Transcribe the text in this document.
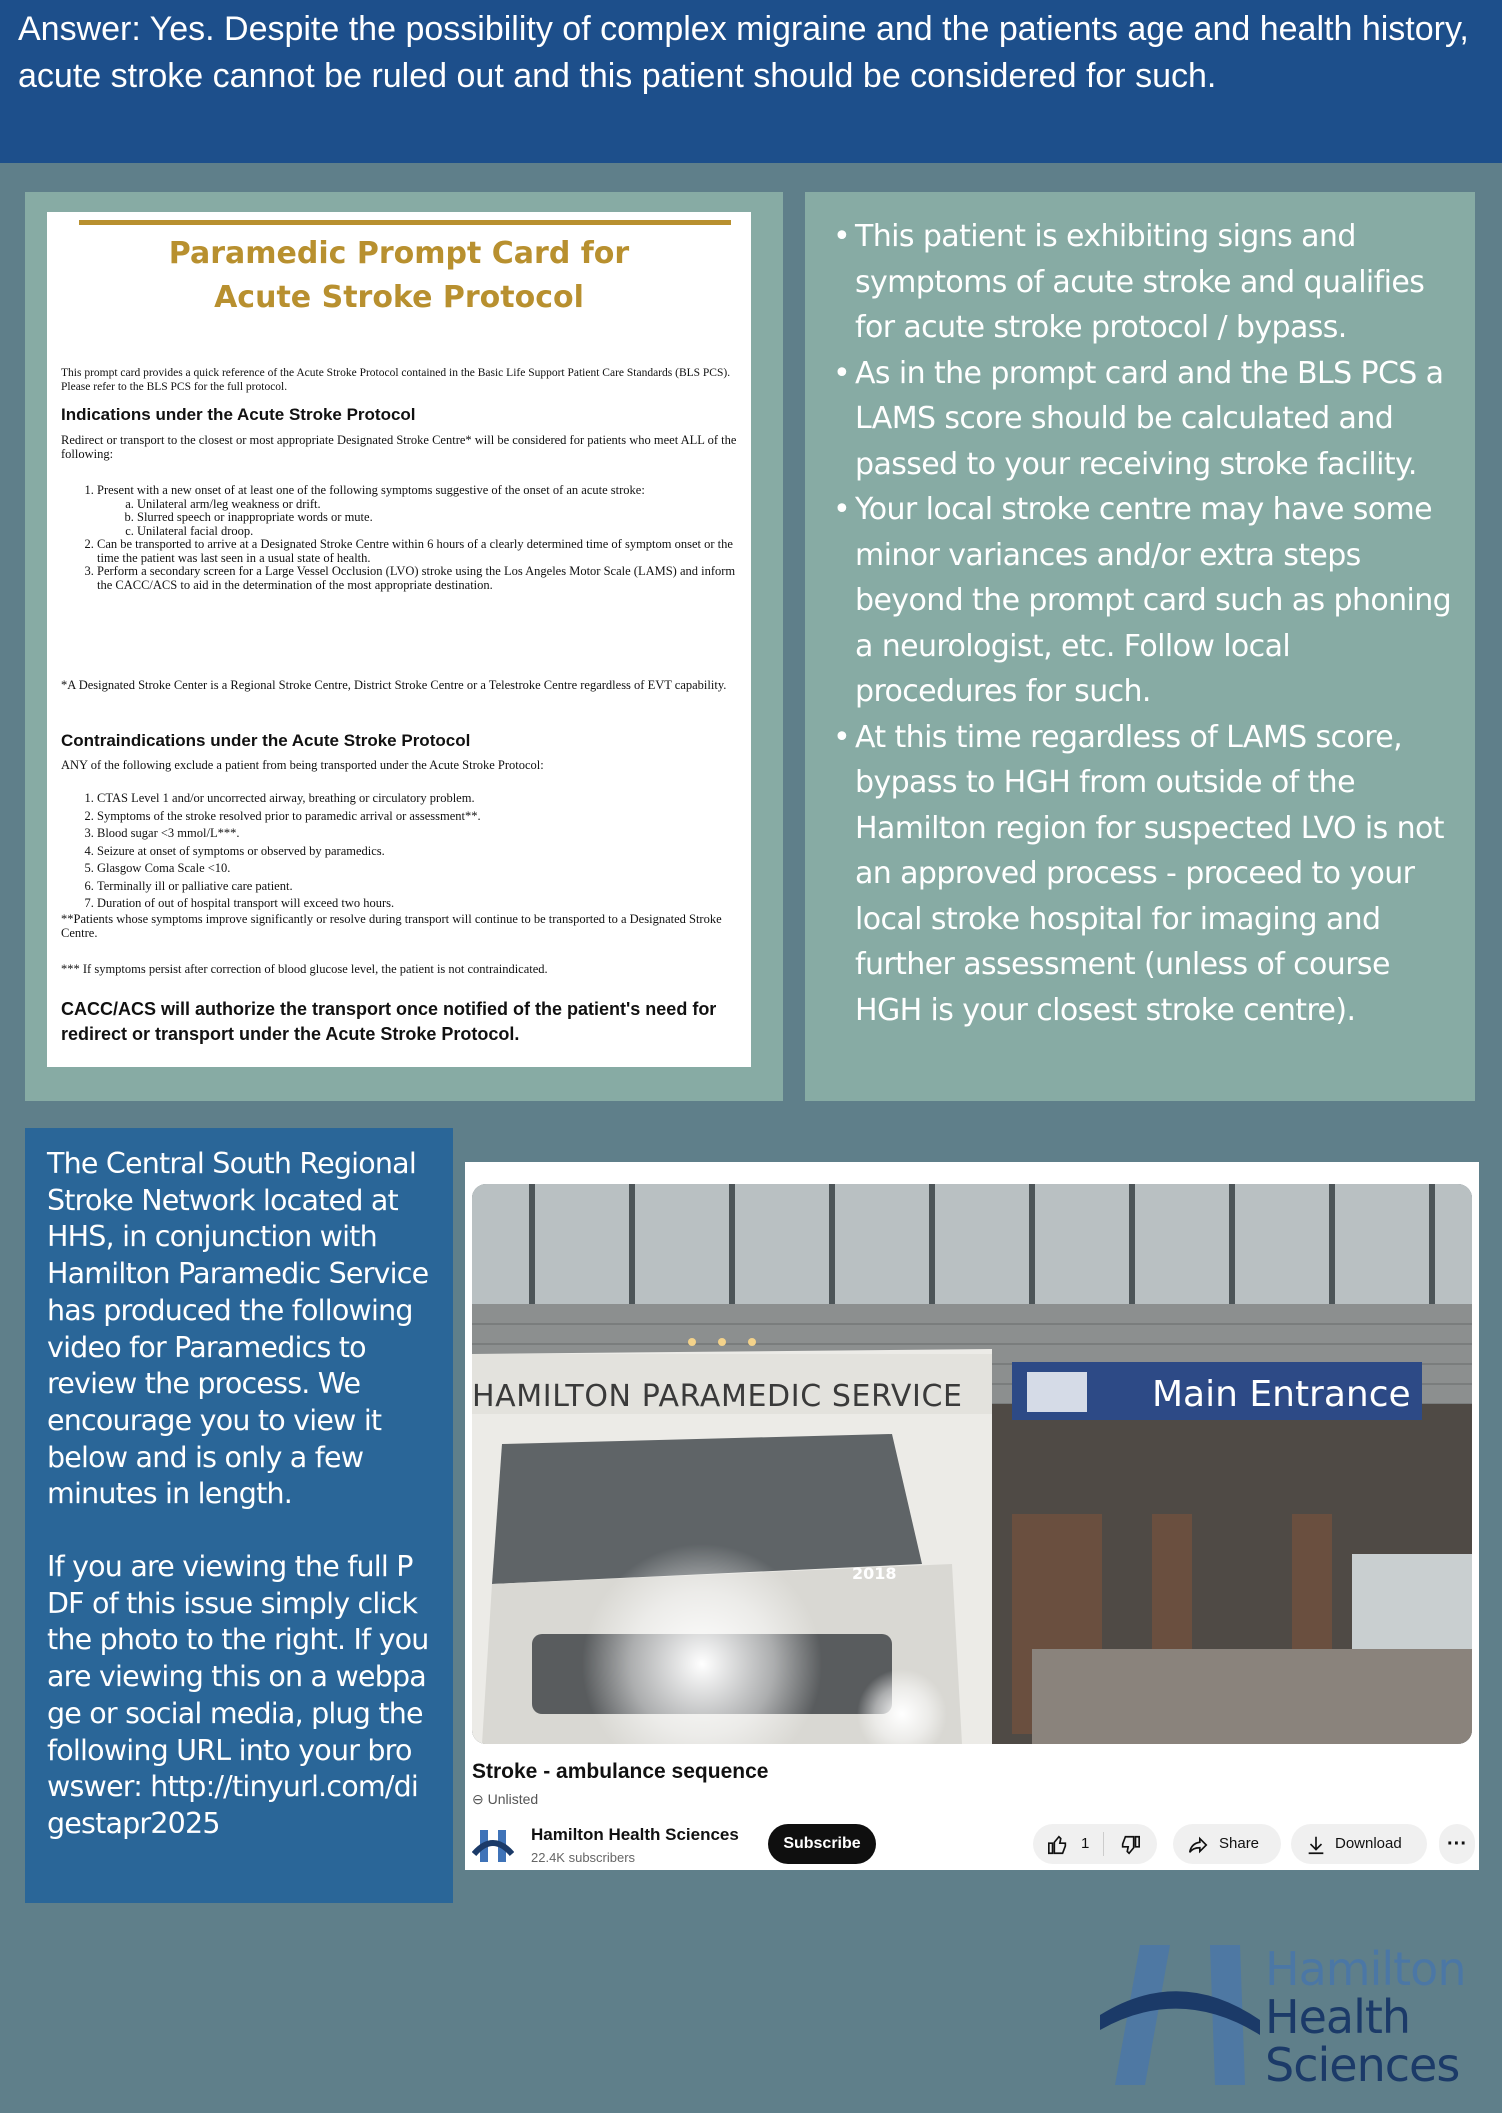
Answer: Yes. Despite the possibility of complex migraine and the patients age and health history, acute stroke cannot be ruled out and this patient should be considered for such.
Paramedic Prompt Card for
Acute Stroke Protocol
This prompt card provides a quick reference of the Acute Stroke Protocol contained in the Basic Life Support Patient Care Standards (BLS PCS). Please refer to the BLS PCS for the full protocol.
Indications under the Acute Stroke Protocol
Redirect or transport to the closest or most appropriate Designated Stroke Centre* will be considered for patients who meet ALL of the following:
1. Present with a new onset of at least one of the following symptoms suggestive of the onset of an acute stroke:
a. Unilateral arm/leg weakness or drift.
b. Slurred speech or inappropriate words or mute.
c. Unilateral facial droop.
2. Can be transported to arrive at a Designated Stroke Centre within 6 hours of a clearly determined time of symptom onset or the time the patient was last seen in a usual state of health.
3. Perform a secondary screen for a Large Vessel Occlusion (LVO) stroke using the Los Angeles Motor Scale (LAMS) and inform the CACC/ACS to aid in the determination of the most appropriate destination.
*A Designated Stroke Center is a Regional Stroke Centre, District Stroke Centre or a Telestroke Centre regardless of EVT capability.
Contraindications under the Acute Stroke Protocol
ANY of the following exclude a patient from being transported under the Acute Stroke Protocol:
1. CTAS Level 1 and/or uncorrected airway, breathing or circulatory problem.
2. Symptoms of the stroke resolved prior to paramedic arrival or assessment**.
3. Blood sugar <3 mmol/L***.
4. Seizure at onset of symptoms or observed by paramedics.
5. Glasgow Coma Scale <10.
6. Terminally ill or palliative care patient.
7. Duration of out of hospital transport will exceed two hours.
**Patients whose symptoms improve significantly or resolve during transport will continue to be transported to a Designated Stroke Centre.
*** If symptoms persist after correction of blood glucose level, the patient is not contraindicated.
CACC/ACS will authorize the transport once notified of the patient's need for redirect or transport under the Acute Stroke Protocol.
• This patient is exhibiting signs and symptoms of acute stroke and qualifies for acute stroke protocol / bypass.
• As in the prompt card and the BLS PCS a LAMS score should be calculated and passed to your receiving stroke facility.
• Your local stroke centre may have some minor variances and/or extra steps beyond the prompt card such as phoning a neurologist, etc. Follow local procedures for such.
• At this time regardless of LAMS score, bypass to HGH from outside of the Hamilton region for suspected LVO is not an approved process - proceed to your local stroke hospital for imaging and further assessment (unless of course HGH is your closest stroke centre).

The Central South Regional Stroke Network located at HHS, in conjunction with Hamilton Paramedic Service has produced the following video for Paramedics to review the process. We encourage you to view it below and is only a few minutes in length.

If you are viewing the full PDF of this issue simply click the photo to the right. If you are viewing this on a webpage or social media, plug the following URL into your browswer: http://tinyurl.com/digestapr2025

Main Entrance
HAMILTON PARAMEDIC SERVICE
2018
Stroke - ambulance sequence
⊖ Unlisted
Hamilton Health Sciences
22.4K subscribers
Subscribe	1	Share	Download	···
Hamilton
Health
Sciences
